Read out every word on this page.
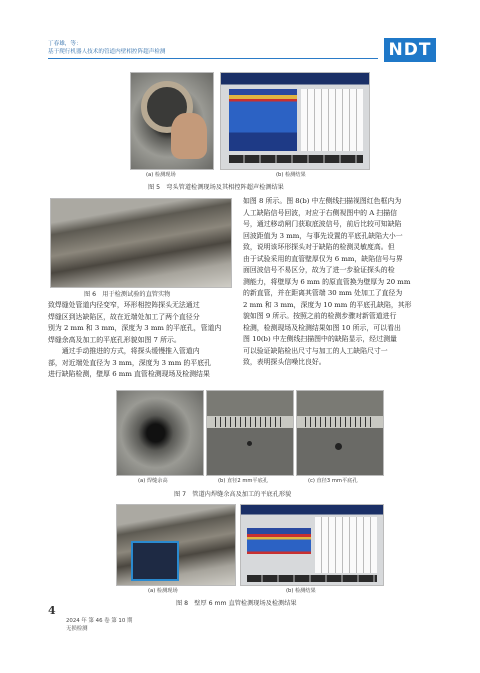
丁春雄，等：
基于爬行机器人技术的管道内壁相控阵超声检测	NDT
(a) 检测现场	(b) 检测结果
图 5　弯头管道检测现场及其相控阵超声检测结果
图 6　用于检测试验的直管实物
致焊缝处管道内径变窄，环形相控阵探头无法通过
焊缝区到达缺陷区，故在近端处加工了两个直径分
别为 2 mm 和 3 mm，深度为 3 mm 的平底孔，管道内
焊缝余高及加工的平底孔形貌如图 7 所示。
　　通过手动推进的方式，将探头缓慢推入管道内
部，对近端处直径为 3 mm，深度为 3 mm 的平底孔
进行缺陷检测，壁厚 6 mm 直管检测现场及检测结果
如图 8 所示。图 8(b) 中左侧线扫描视图红色框内为
人工缺陷信号回波，对应于右侧视图中的 A 扫描信
号，通过移动闸门获取底波信号，前后比较可知缺陷
回波距值为 3 mm，与事先设置的平底孔缺陷大小一
致，说明该环形探头对于缺陷的检测灵敏度高。但
由于试验采用的直管壁厚仅为 6 mm，缺陷信号与界
面回波信号不易区分，故为了进一步验证探头的检
测能力，将壁厚为 6 mm 的原直管换为壁厚为 20 mm
的新直管，并在距离其管端 30 mm 处加工了直径为
2 mm 和 3 mm，深度为 10 mm 的平底孔缺陷，其形
貌如图 9 所示。按照之前的检测步骤对新管道进行
检测，检测现场及检测结果如图 10 所示，可以看出
图 10(b) 中左侧线扫描图中的缺陷显示，经过测量
可以验证缺陷检出尺寸与加工的人工缺陷尺寸一
致，表明探头信噪比良好。
(a) 焊缝余高	(b) 直径2 mm平底孔	(c) 直径3 mm平底孔
图 7　管道内焊缝余高及加工的平底孔形貌
(a) 检测现场	(b) 检测结果
图 8　壁厚 6 mm 直管检测现场及检测结果
4
2024 年 第 46 卷 第 10 期
无损检测
